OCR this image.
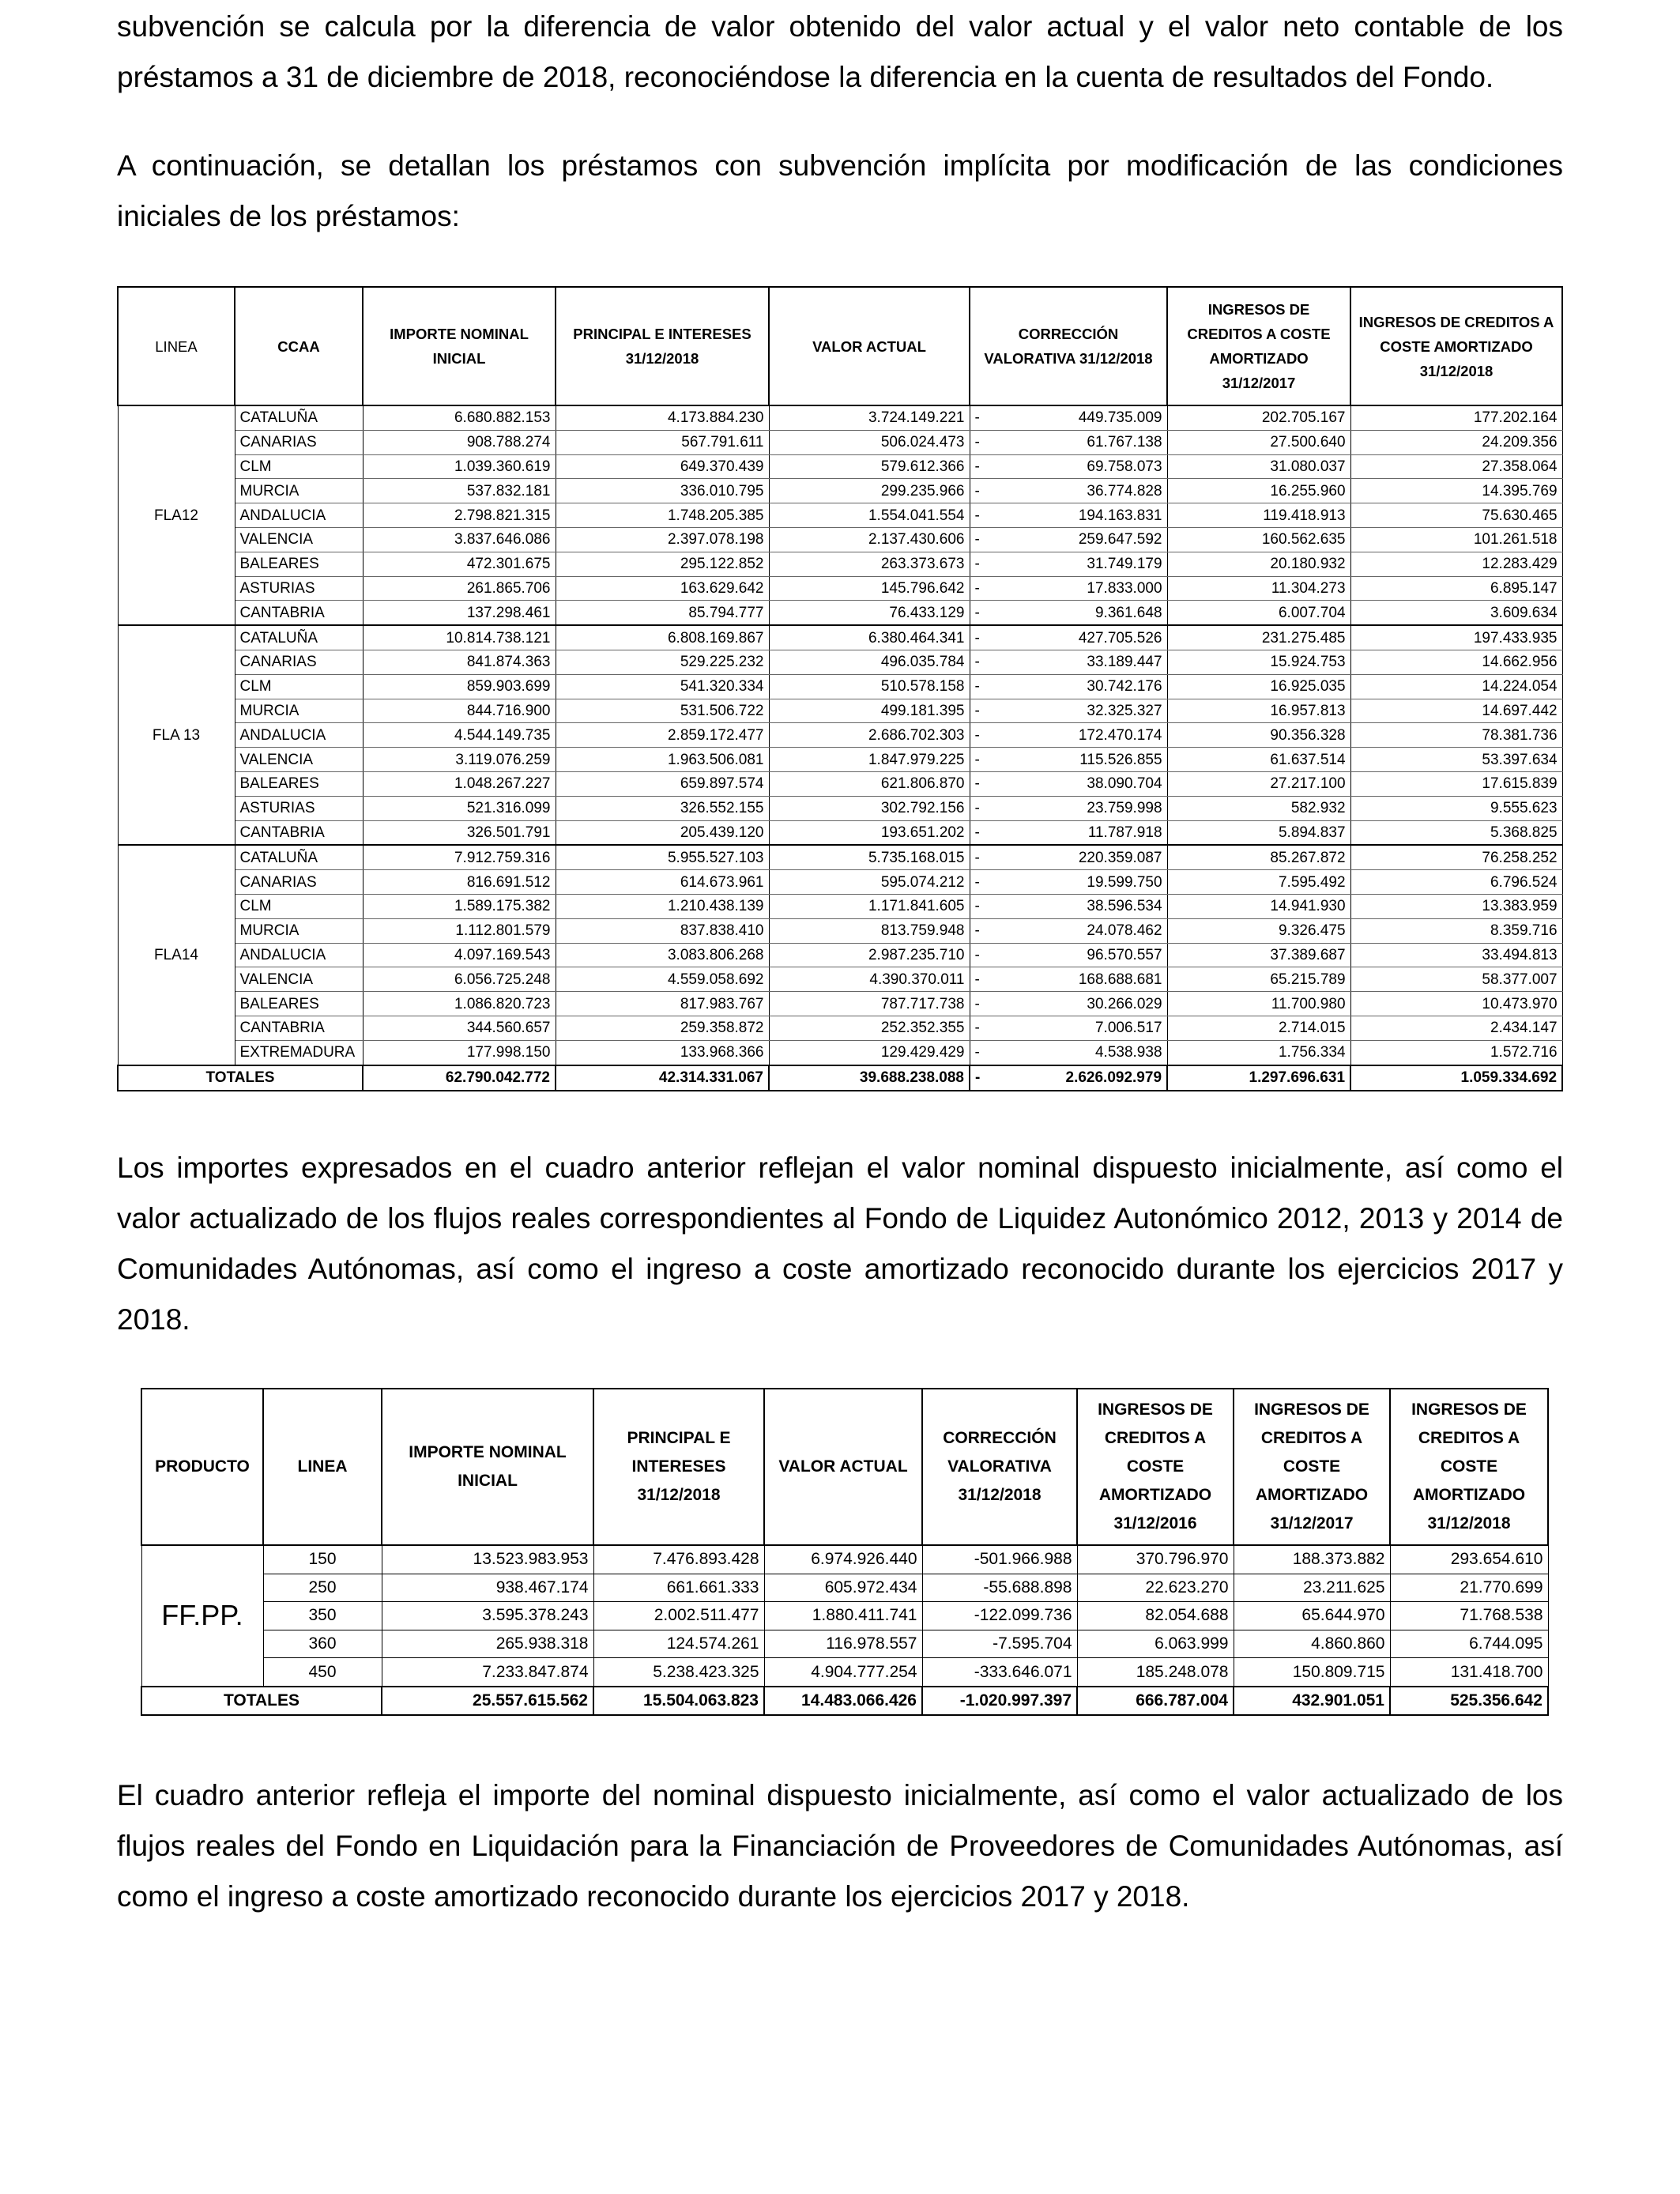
subvención se calcula por la diferencia de valor obtenido del valor actual y el valor neto contable de los préstamos a 31 de diciembre de 2018, reconociéndose la diferencia en la cuenta de resultados del Fondo.

A continuación, se detallan los préstamos con subvención implícita por modificación de las condiciones iniciales de los préstamos:

LINEA	CCAA	IMPORTE NOMINAL INICIAL	PRINCIPAL E INTERESES 31/12/2018	VALOR ACTUAL	CORRECCIÓN VALORATIVA 31/12/2018		INGRESOS DE CREDITOS A COSTE AMORTIZADO 31/12/2017	INGRESOS DE CREDITOS A COSTE AMORTIZADO 31/12/2018
FLA12	CATALUÑA	6.680.882.153	4.173.884.230	3.724.149.221	-	449.735.009	202.705.167	177.202.164
	CANARIAS	908.788.274	567.791.611	506.024.473	-	61.767.138	27.500.640	24.209.356
	CLM	1.039.360.619	649.370.439	579.612.366	-	69.758.073	31.080.037	27.358.064
	MURCIA	537.832.181	336.010.795	299.235.966	-	36.774.828	16.255.960	14.395.769
	ANDALUCIA	2.798.821.315	1.748.205.385	1.554.041.554	-	194.163.831	119.418.913	75.630.465
	VALENCIA	3.837.646.086	2.397.078.198	2.137.430.606	-	259.647.592	160.562.635	101.261.518
	BALEARES	472.301.675	295.122.852	263.373.673	-	31.749.179	20.180.932	12.283.429
	ASTURIAS	261.865.706	163.629.642	145.796.642	-	17.833.000	11.304.273	6.895.147
	CANTABRIA	137.298.461	85.794.777	76.433.129	-	9.361.648	6.007.704	3.609.634
FLA 13	CATALUÑA	10.814.738.121	6.808.169.867	6.380.464.341	-	427.705.526	231.275.485	197.433.935
	CANARIAS	841.874.363	529.225.232	496.035.784	-	33.189.447	15.924.753	14.662.956
	CLM	859.903.699	541.320.334	510.578.158	-	30.742.176	16.925.035	14.224.054
	MURCIA	844.716.900	531.506.722	499.181.395	-	32.325.327	16.957.813	14.697.442
	ANDALUCIA	4.544.149.735	2.859.172.477	2.686.702.303	-	172.470.174	90.356.328	78.381.736
	VALENCIA	3.119.076.259	1.963.506.081	1.847.979.225	-	115.526.855	61.637.514	53.397.634
	BALEARES	1.048.267.227	659.897.574	621.806.870	-	38.090.704	27.217.100	17.615.839
	ASTURIAS	521.316.099	326.552.155	302.792.156	-	23.759.998	582.932	9.555.623
	CANTABRIA	326.501.791	205.439.120	193.651.202	-	11.787.918	5.894.837	5.368.825
FLA14	CATALUÑA	7.912.759.316	5.955.527.103	5.735.168.015	-	220.359.087	85.267.872	76.258.252
	CANARIAS	816.691.512	614.673.961	595.074.212	-	19.599.750	7.595.492	6.796.524
	CLM	1.589.175.382	1.210.438.139	1.171.841.605	-	38.596.534	14.941.930	13.383.959
	MURCIA	1.112.801.579	837.838.410	813.759.948	-	24.078.462	9.326.475	8.359.716
	ANDALUCIA	4.097.169.543	3.083.806.268	2.987.235.710	-	96.570.557	37.389.687	33.494.813
	VALENCIA	6.056.725.248	4.559.058.692	4.390.370.011	-	168.688.681	65.215.789	58.377.007
	BALEARES	1.086.820.723	817.983.767	787.717.738	-	30.266.029	11.700.980	10.473.970
	CANTABRIA	344.560.657	259.358.872	252.352.355	-	7.006.517	2.714.015	2.434.147
	EXTREMADURA	177.998.150	133.968.366	129.429.429	-	4.538.938	1.756.334	1.572.716
TOTALES		62.790.042.772	42.314.331.067	39.688.238.088	-	2.626.092.979	1.297.696.631	1.059.334.692

Los importes expresados en el cuadro anterior reflejan el valor nominal dispuesto inicialmente, así como el valor actualizado de los flujos reales correspondientes al Fondo de Liquidez Autonómico 2012, 2013 y 2014 de Comunidades Autónomas, así como el ingreso a coste amortizado reconocido durante los ejercicios 2017 y 2018.

PRODUCTO	LINEA	IMPORTE NOMINAL INICIAL	PRINCIPAL E INTERESES 31/12/2018	VALOR ACTUAL	CORRECCIÓN VALORATIVA 31/12/2018	INGRESOS DE CREDITOS A COSTE AMORTIZADO 31/12/2016	INGRESOS DE CREDITOS A COSTE AMORTIZADO 31/12/2017	INGRESOS DE CREDITOS A COSTE AMORTIZADO 31/12/2018
FF.PP.	150	13.523.983.953	7.476.893.428	6.974.926.440	-501.966.988	370.796.970	188.373.882	293.654.610
	250	938.467.174	661.661.333	605.972.434	-55.688.898	22.623.270	23.211.625	21.770.699
	350	3.595.378.243	2.002.511.477	1.880.411.741	-122.099.736	82.054.688	65.644.970	71.768.538
	360	265.938.318	124.574.261	116.978.557	-7.595.704	6.063.999	4.860.860	6.744.095
	450	7.233.847.874	5.238.423.325	4.904.777.254	-333.646.071	185.248.078	150.809.715	131.418.700
TOTALES		25.557.615.562	15.504.063.823	14.483.066.426	-1.020.997.397	666.787.004	432.901.051	525.356.642

El cuadro anterior refleja el importe del nominal dispuesto inicialmente, así como el valor actualizado de los flujos reales del Fondo en Liquidación para la Financiación de Proveedores de Comunidades Autónomas, así como el ingreso a coste amortizado reconocido durante los ejercicios 2017 y 2018.
